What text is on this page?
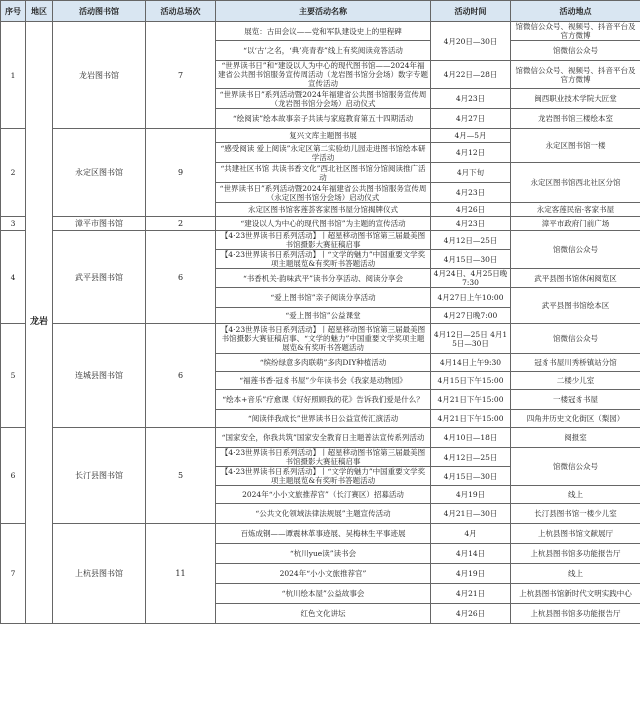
序号	地区	活动图书馆	活动总场次	主要活动名称	活动时间	活动地点
1	龙岩	龙岩图书馆	7	展览：古田会议——党和军队建设史上的里程碑	4月20日—30日	馆微信公众号、视频号、抖音平台及官方微博
				“以‘古’之名，‘典’亮青春”线上有奖阅读竞答活动		馆微信公众号
				“世界读书日”和“建设以人为中心的现代图书馆——2024年福建省公共图书馆服务宣传周活动（龙岩图书馆分会场）数字专题宣传活动	4月22日—28日	馆微信公众号、视频号、抖音平台及官方微博
				“世界读书日”系列活动暨2024年福建省公共图书馆服务宣传周（龙岩图书馆分会场）启动仪式	4月23日	闽西职业技术学院大匠堂
				“绘阅读”绘本故事亲子共读与家庭教育第五十四期活动	4月27日	龙岩图书馆三楼绘本室
2		永定区图书馆	9	复兴文库主题图书展	4月—5月	永定区图书馆一楼
				“感受阅读 爱上阅读”永定区第二实验幼儿园走进图书馆绘本研学活动	4月12日	
				“共建社区书馆 共读书香文化”西北社区图书馆分馆阅读推广活动	4月下旬	永定区图书馆西北社区分馆
				“世界读书日”系列活动暨2024年福建省公共图书馆服务宣传周（永定区图书馆分会场）启动仪式	4月23日	
				永定区图书馆客莲荟客家图书屋分馆揭牌仪式	4月26日	永定客莲民宿·客家书屋
3		漳平市图书馆	2	“建设以人为中心的现代图书馆”为主题的宣传活动	4月23日	漳平市政府门前广场
4		武平县图书馆	6	【4·23世界读书日系列活动】丨超星移动图书馆第三届最美图书馆摄影大赛征稿启事	4月12日—25日	馆微信公众号
				【4·23世界读书日系列活动】丨“文学的魅力”中国重要文学奖项主题展览&有奖听书答题活动	4月15日—30日	
				“书香机关·韵味武平”读书分享活动、阅读分享会	4月24日、4月25日晚7:30	武平县图书馆休闲阅览区
				“爱上图书馆”亲子阅读分享活动	4月27日上午10:00	武平县图书馆绘本区
				“爱上图书馆”公益课堂	4月27日晚7:00	
5		连城县图书馆	6	【4·23世界读书日系列活动】丨超星移动图书馆第三届最美图书馆摄影大赛征稿启事、“文学的魅力”中国重要文学奖项主题展览&有奖听书答题活动	4月12日—25日 4月15日—30日	馆微信公众号
				“缤纷绿意多肉联萌”多肉DIY种植活动	4月14日上午9:30	冠豸书屋川秀桥镇站分馆
				“福莲书香·冠豸书屋”少年读书会《我家是动物园》	4月15日下午15:00	二楼少儿室
				“绘本+音乐”疗愈课《好好照顾我的花》告诉我们爱是什么？	4月21日下午15:00	一楼冠豸书屋
				“阅读伴我成长”世界读书日公益宣传汇演活动	4月21日下午15:00	四角井历史文化街区（梨园）
6		长汀县图书馆	5	“国家安全，你我共筑”国家安全教育日主题普法宣传系列活动	4月10日—18日	阅报室
				【4·23世界读书日系列活动】丨超星移动图书馆第三届最美图书馆摄影大赛征稿启事	4月12日—25日	馆微信公众号
				【4·23世界读书日系列活动】丨“文学的魅力”中国重要文学奖项主题展览&有奖听书答题活动	4月15日—30日	
				2024年“小小文旅推荐官”（长汀赛区）招募活动	4月19日	线上
				“公共文化领域法律法规展”主题宣传活动	4月21日—30日	长汀县图书馆一楼少儿室
7		上杭县图书馆	11	百炼成钢——谭震林革事迹展、吴梅林生平事迹展	4月	上杭县图书馆文献展厅
				“杭川yue读”读书会	4月14日	上杭县图书馆多功能报告厅
				2024年“小小文旅推荐官”	4月19日	线上
				“杭川绘本屋”公益故事会	4月21日	上杭县图书馆新时代文明实践中心
				红色文化讲坛	4月26日	上杭县图书馆多功能报告厅
